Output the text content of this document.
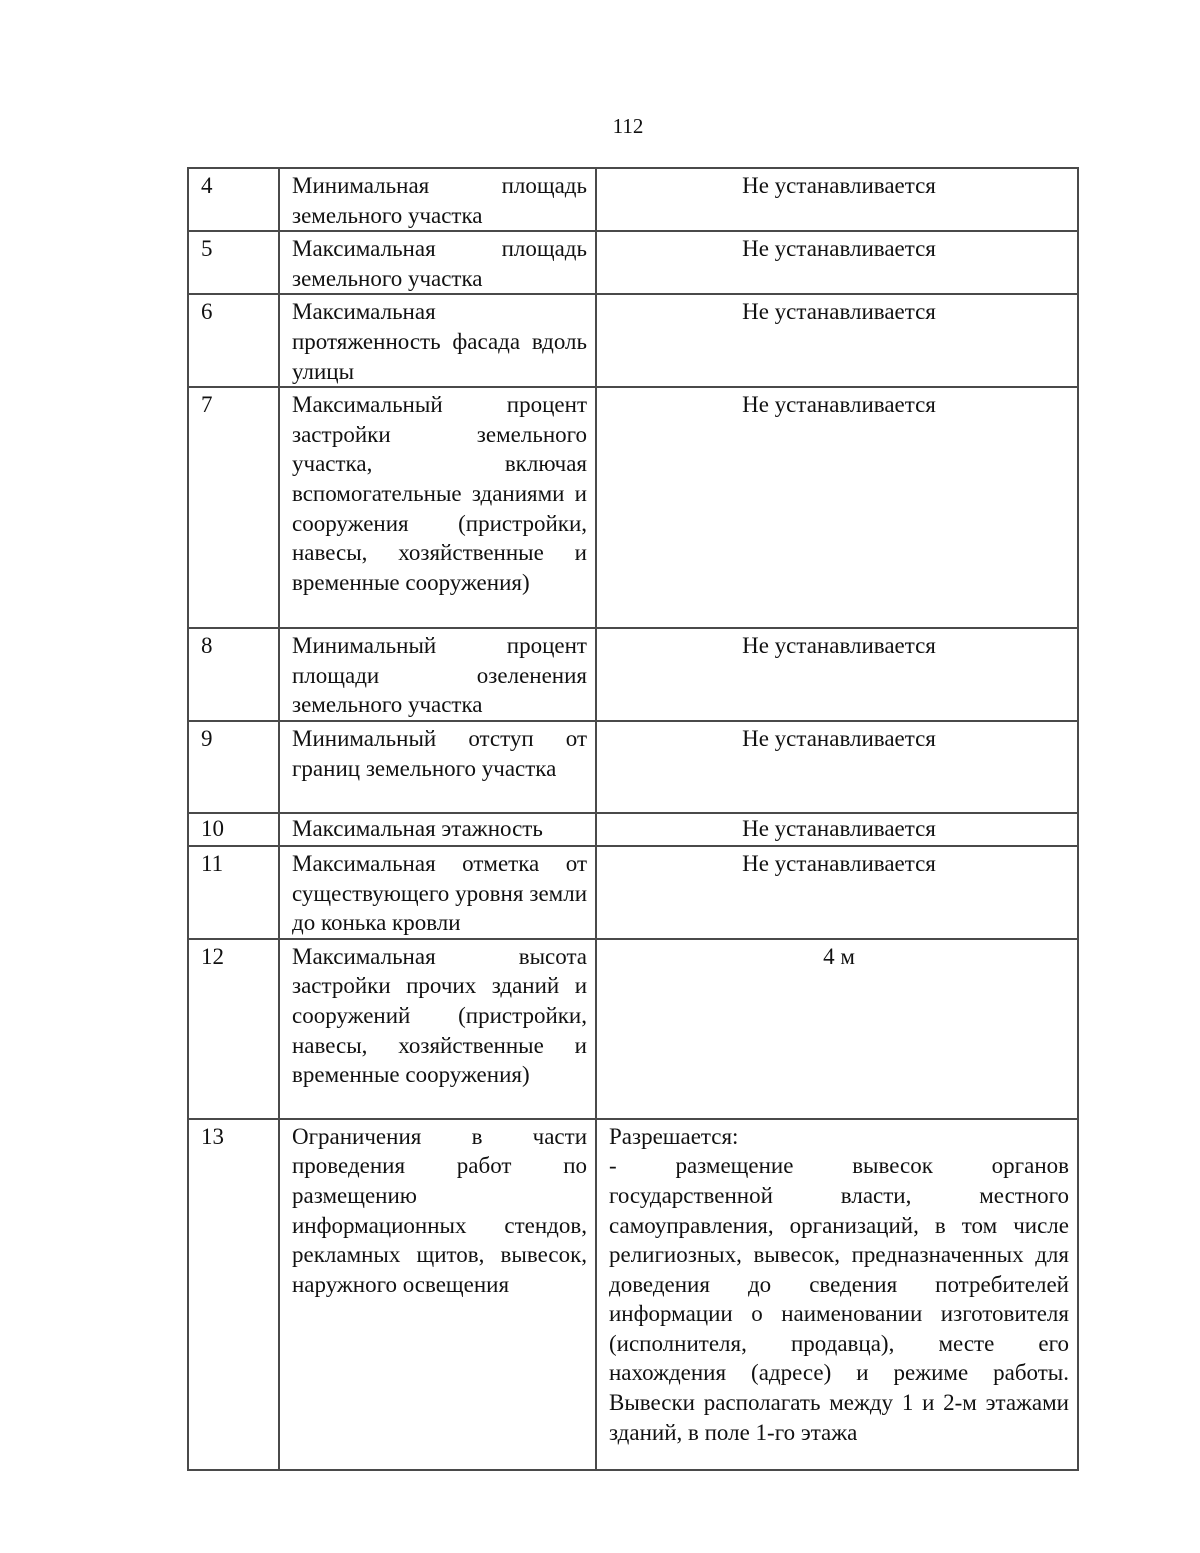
112
4	Минимальная площадь земельного участка	Не устанавливается
5	Максимальная площадь земельного участка	Не устанавливается
6	Максимальная протяженность фасада вдоль улицы	Не устанавливается
7	Максимальный процент застройки земельного участка, включая вспомогательные зданиями и сооружения (пристройки, навесы, хозяйственные и временные сооружения)	Не устанавливается
8	Минимальный процент площади озеленения земельного участка	Не устанавливается
9	Минимальный отступ от границ земельного участка	Не устанавливается
10	Максимальная этажность	Не устанавливается
11	Максимальная отметка от существующего уровня земли до конька кровли	Не устанавливается
12	Максимальная высота застройки прочих зданий и сооружений (пристройки, навесы, хозяйственные и временные сооружения)	4 м
13	Ограничения в части проведения работ по размещению информационных стендов, рекламных щитов, вывесок, наружного освещения	Разрешается:
- размещение вывесок органов государственной власти, местного самоуправления, организаций, в том числе религиозных, вывесок, предназначенных для доведения до сведения потребителей информации о наименовании изготовителя (исполнителя, продавца), месте его нахождения (адресе) и режиме работы. Вывески располагать между 1 и 2-м этажами зданий, в поле 1-го этажа
